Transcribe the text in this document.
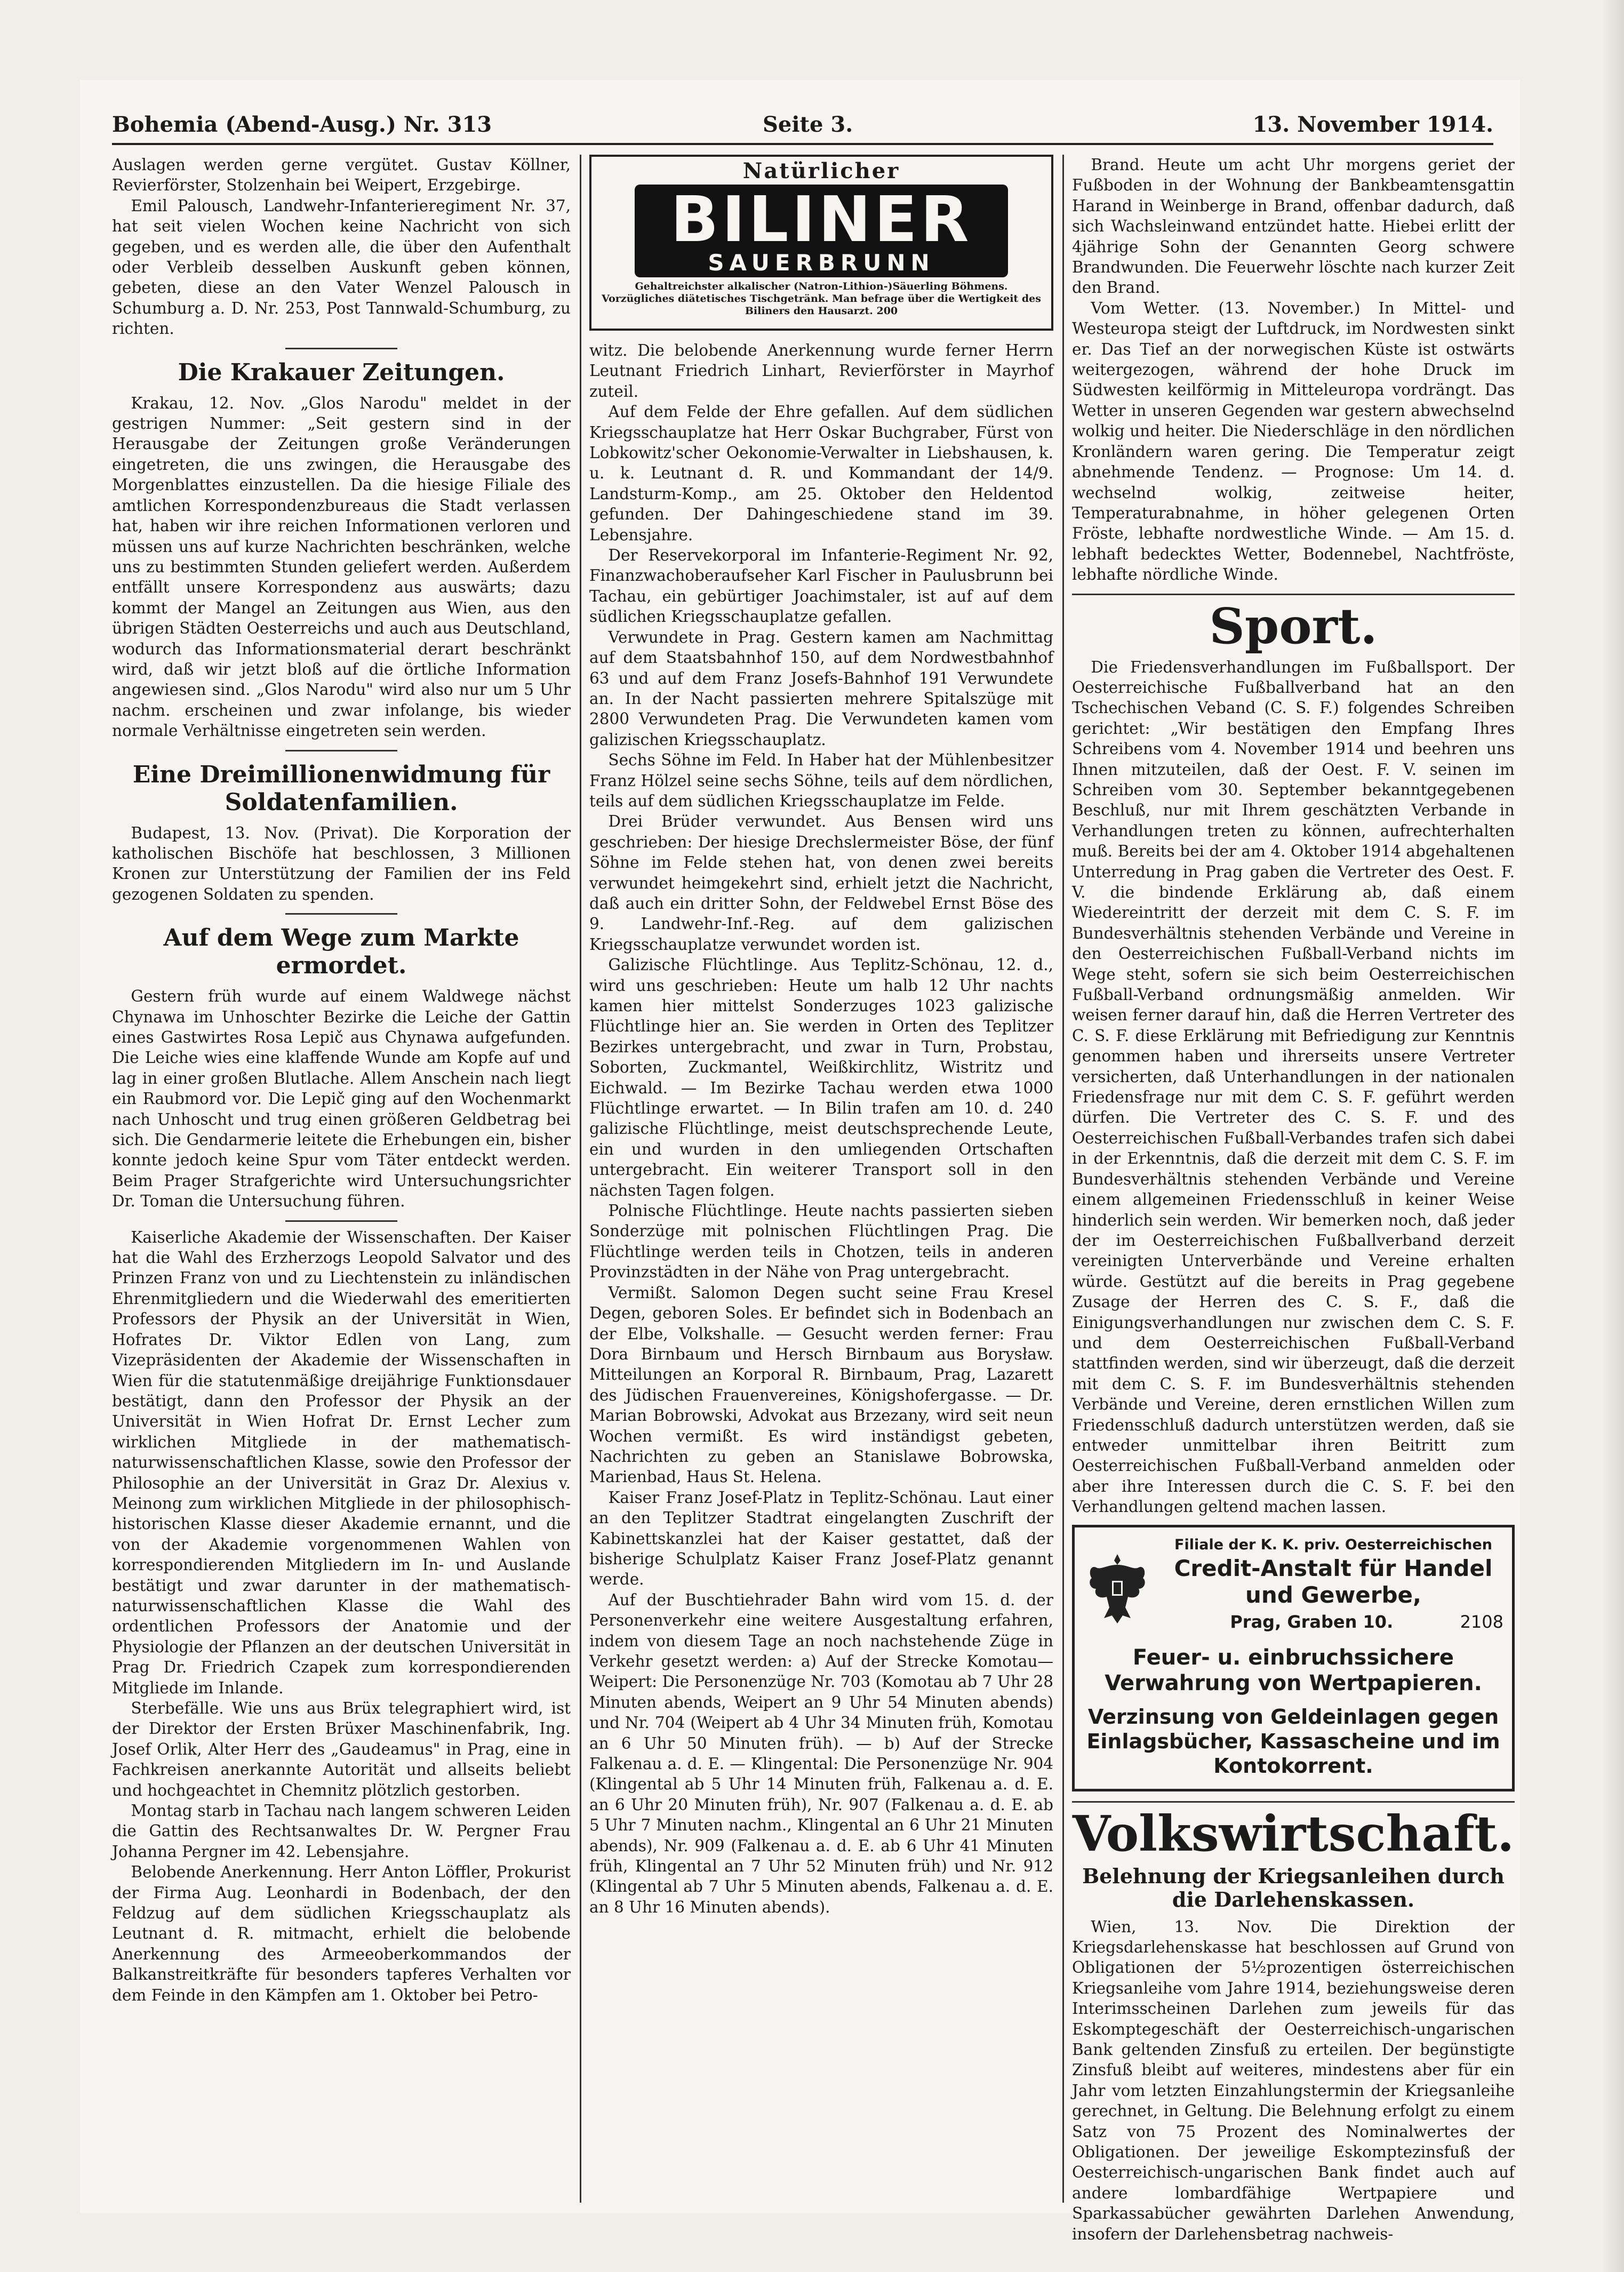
Bohemia (Abend-Ausg.) Nr. 313	Seite 3.	13. November 1914.

Auslagen werden gerne vergütet. Gustav Köllner, Revierförster, Stolzenhain bei Weipert, Erzgebirge.

Emil Palousch, Landwehr-Infanterieregiment Nr. 37, hat seit vielen Wochen keine Nachricht von sich gegeben, und es werden alle, die über den Aufenthalt oder Verbleib desselben Auskunft geben können, gebeten, diese an den Vater Wenzel Palousch in Schumburg a. D. Nr. 253, Post Tannwald-Schumburg, zu richten.

Die Krakauer Zeitungen.

Krakau, 12. Nov. „Glos Narodu" meldet in der gestrigen Nummer: „Seit gestern sind in der Herausgabe der Zeitungen große Veränderungen eingetreten, die uns zwingen, die Herausgabe des Morgenblattes einzustellen. Da die hiesige Filiale des amtlichen Korrespondenzbureaus die Stadt verlassen hat, haben wir ihre reichen Informationen verloren und müssen uns auf kurze Nachrichten beschränken, welche uns zu bestimmten Stunden geliefert werden. Außerdem entfällt unsere Korrespondenz aus auswärts; dazu kommt der Mangel an Zeitungen aus Wien, aus den übrigen Städten Oesterreichs und auch aus Deutschland, wodurch das Informationsmaterial derart beschränkt wird, daß wir jetzt bloß auf die örtliche Information angewiesen sind. „Glos Narodu" wird also nur um 5 Uhr nachm. erscheinen und zwar infolange, bis wieder normale Verhältnisse eingetreten sein werden.

Eine Dreimillionenwidmung für Soldatenfamilien.

Budapest, 13. Nov. (Privat). Die Korporation der katholischen Bischöfe hat beschlossen, 3 Millionen Kronen zur Unterstützung der Familien der ins Feld gezogenen Soldaten zu spenden.

Auf dem Wege zum Markte ermordet.

Gestern früh wurde auf einem Waldwege nächst Chynawa im Unhoschter Bezirke die Leiche der Gattin eines Gastwirtes Rosa Lepič aus Chynawa aufgefunden. Die Leiche wies eine klaffende Wunde am Kopfe auf und lag in einer großen Blutlache. Allem Anschein nach liegt ein Raubmord vor. Die Lepič ging auf den Wochenmarkt nach Unhoscht und trug einen größeren Geldbetrag bei sich. Die Gendarmerie leitete die Erhebungen ein, bisher konnte jedoch keine Spur vom Täter entdeckt werden. Beim Prager Strafgerichte wird Untersuchungsrichter Dr. Toman die Untersuchung führen.

Kaiserliche Akademie der Wissenschaften. Der Kaiser hat die Wahl des Erzherzogs Leopold Salvator und des Prinzen Franz von und zu Liechtenstein zu inländischen Ehrenmitgliedern und die Wiederwahl des emeritierten Professors der Physik an der Universität in Wien, Hofrates Dr. Viktor Edlen von Lang, zum Vizepräsidenten der Akademie der Wissenschaften in Wien für die statutenmäßige dreijährige Funktionsdauer bestätigt, dann den Professor der Physik an der Universität in Wien Hofrat Dr. Ernst Lecher zum wirklichen Mitgliede in der mathematisch-naturwissenschaftlichen Klasse, sowie den Professor der Philosophie an der Universität in Graz Dr. Alexius v. Meinong zum wirklichen Mitgliede in der philosophisch-historischen Klasse dieser Akademie ernannt, und die von der Akademie vorgenommenen Wahlen von korrespondierenden Mitgliedern im In- und Auslande bestätigt und zwar darunter in der mathematisch-naturwissenschaftlichen Klasse die Wahl des ordentlichen Professors der Anatomie und der Physiologie der Pflanzen an der deutschen Universität in Prag Dr. Friedrich Czapek zum korrespondierenden Mitgliede im Inlande.

Sterbefälle. Wie uns aus Brüx telegraphiert wird, ist der Direktor der Ersten Brüxer Maschinenfabrik, Ing. Josef Orlik, Alter Herr des „Gaudeamus" in Prag, eine in Fachkreisen anerkannte Autorität und allseits beliebt und hochgeachtet in Chemnitz plötzlich gestorben.

Montag starb in Tachau nach langem schweren Leiden die Gattin des Rechtsanwaltes Dr. W. Pergner Frau Johanna Pergner im 42. Lebensjahre.

Belobende Anerkennung. Herr Anton Löffler, Prokurist der Firma Aug. Leonhardi in Bodenbach, der den Feldzug auf dem südlichen Kriegsschauplatz als Leutnant d. R. mitmacht, erhielt die belobende Anerkennung des Armeeoberkommandos der Balkanstreitkräfte für besonders tapferes Verhalten vor dem Feinde in den Kämpfen am 1. Oktober bei Petro-

Natürlicher
BILINER
SAUERBRUNN
Gehaltreichster alkalischer (Natron-Lithion-)Säuerling Böhmens. Vorzügliches diätetisches Tischgetränk. Man befrage über die Wertigkeit des Biliners den Hausarzt. 200

witz. Die belobende Anerkennung wurde ferner Herrn Leutnant Friedrich Linhart, Revierförster in Mayrhof zuteil.

Auf dem Felde der Ehre gefallen. Auf dem südlichen Kriegsschauplatze hat Herr Oskar Buchgraber, Fürst von Lobkowitz'scher Oekonomie-Verwalter in Liebshausen, k. u. k. Leutnant d. R. und Kommandant der 14/9. Landsturm-Komp., am 25. Oktober den Heldentod gefunden. Der Dahingeschiedene stand im 39. Lebensjahre.

Der Reservekorporal im Infanterie-Regiment Nr. 92, Finanzwachoberaufseher Karl Fischer in Paulusbrunn bei Tachau, ein gebürtiger Joachimstaler, ist auf auf dem südlichen Kriegsschauplatze gefallen.

Verwundete in Prag. Gestern kamen am Nachmittag auf dem Staatsbahnhof 150, auf dem Nordwestbahnhof 63 und auf dem Franz Josefs-Bahnhof 191 Verwundete an. In der Nacht passierten mehrere Spitalszüge mit 2800 Verwundeten Prag. Die Verwundeten kamen vom galizischen Kriegsschauplatz.

Sechs Söhne im Feld. In Haber hat der Mühlenbesitzer Franz Hölzel seine sechs Söhne, teils auf dem nördlichen, teils auf dem südlichen Kriegsschauplatze im Felde.

Drei Brüder verwundet. Aus Bensen wird uns geschrieben: Der hiesige Drechslermeister Böse, der fünf Söhne im Felde stehen hat, von denen zwei bereits verwundet heimgekehrt sind, erhielt jetzt die Nachricht, daß auch ein dritter Sohn, der Feldwebel Ernst Böse des 9. Landwehr-Inf.-Reg. auf dem galizischen Kriegsschauplatze verwundet worden ist.

Galizische Flüchtlinge. Aus Teplitz-Schönau, 12. d., wird uns geschrieben: Heute um halb 12 Uhr nachts kamen hier mittelst Sonderzuges 1023 galizische Flüchtlinge hier an. Sie werden in Orten des Teplitzer Bezirkes untergebracht, und zwar in Turn, Probstau, Soborten, Zuckmantel, Weißkirchlitz, Wistritz und Eichwald. — Im Bezirke Tachau werden etwa 1000 Flüchtlinge erwartet. — In Bilin trafen am 10. d. 240 galizische Flüchtlinge, meist deutschsprechende Leute, ein und wurden in den umliegenden Ortschaften untergebracht. Ein weiterer Transport soll in den nächsten Tagen folgen.

Polnische Flüchtlinge. Heute nachts passierten sieben Sonderzüge mit polnischen Flüchtlingen Prag. Die Flüchtlinge werden teils in Chotzen, teils in anderen Provinzstädten in der Nähe von Prag untergebracht.

Vermißt. Salomon Degen sucht seine Frau Kresel Degen, geboren Soles. Er befindet sich in Bodenbach an der Elbe, Volkshalle. — Gesucht werden ferner: Frau Dora Birnbaum und Hersch Birnbaum aus Borysław. Mitteilungen an Korporal R. Birnbaum, Prag, Lazarett des Jüdischen Frauenvereines, Königshofergasse. — Dr. Marian Bobrowski, Advokat aus Brzezany, wird seit neun Wochen vermißt. Es wird inständigst gebeten, Nachrichten zu geben an Stanislawe Bobrowska, Marienbad, Haus St. Helena.

Kaiser Franz Josef-Platz in Teplitz-Schönau. Laut einer an den Teplitzer Stadtrat eingelangten Zuschrift der Kabinettskanzlei hat der Kaiser gestattet, daß der bisherige Schulplatz Kaiser Franz Josef-Platz genannt werde.

Auf der Buschtiehrader Bahn wird vom 15. d. der Personenverkehr eine weitere Ausgestaltung erfahren, indem von diesem Tage an noch nachstehende Züge in Verkehr gesetzt werden: a) Auf der Strecke Komotau—Weipert: Die Personenzüge Nr. 703 (Komotau ab 7 Uhr 28 Minuten abends, Weipert an 9 Uhr 54 Minuten abends) und Nr. 704 (Weipert ab 4 Uhr 34 Minuten früh, Komotau an 6 Uhr 50 Minuten früh). — b) Auf der Strecke Falkenau a. d. E. — Klingental: Die Personenzüge Nr. 904 (Klingental ab 5 Uhr 14 Minuten früh, Falkenau a. d. E. an 6 Uhr 20 Minuten früh), Nr. 907 (Falkenau a. d. E. ab 5 Uhr 7 Minuten nachm., Klingental an 6 Uhr 21 Minuten abends), Nr. 909 (Falkenau a. d. E. ab 6 Uhr 41 Minuten früh, Klingental an 7 Uhr 52 Minuten früh) und Nr. 912 (Klingental ab 7 Uhr 5 Minuten abends, Falkenau a. d. E. an 8 Uhr 16 Minuten abends).

Brand. Heute um acht Uhr morgens geriet der Fußboden in der Wohnung der Bankbeamtensgattin Harand in Weinberge in Brand, offenbar dadurch, daß sich Wachsleinwand entzündet hatte. Hiebei erlitt der 4jährige Sohn der Genannten Georg schwere Brandwunden. Die Feuerwehr löschte nach kurzer Zeit den Brand.

Vom Wetter. (13. November.) In Mittel- und Westeuropa steigt der Luftdruck, im Nordwesten sinkt er. Das Tief an der norwegischen Küste ist ostwärts weitergezogen, während der hohe Druck im Südwesten keilförmig in Mitteleuropa vordrängt. Das Wetter in unseren Gegenden war gestern abwechselnd wolkig und heiter. Die Niederschläge in den nördlichen Kronländern waren gering. Die Temperatur zeigt abnehmende Tendenz. — Prognose: Um 14. d. wechselnd wolkig, zeitweise heiter, Temperaturabnahme, in höher gelegenen Orten Fröste, lebhafte nordwestliche Winde. — Am 15. d. lebhaft bedecktes Wetter, Bodennebel, Nachtfröste, lebhafte nördliche Winde.

Sport.

Die Friedensverhandlungen im Fußballsport. Der Oesterreichische Fußballverband hat an den Tschechischen Veband (C. S. F.) folgendes Schreiben gerichtet: „Wir bestätigen den Empfang Ihres Schreibens vom 4. November 1914 und beehren uns Ihnen mitzuteilen, daß der Oest. F. V. seinen im Schreiben vom 30. September bekanntgegebenen Beschluß, nur mit Ihrem geschätzten Verbande in Verhandlungen treten zu können, aufrechterhalten muß. Bereits bei der am 4. Oktober 1914 abgehaltenen Unterredung in Prag gaben die Vertreter des Oest. F. V. die bindende Erklärung ab, daß einem Wiedereintritt der derzeit mit dem C. S. F. im Bundesverhältnis stehenden Verbände und Vereine in den Oesterreichischen Fußball-Verband nichts im Wege steht, sofern sie sich beim Oesterreichischen Fußball-Verband ordnungsmäßig anmelden. Wir weisen ferner darauf hin, daß die Herren Vertreter des C. S. F. diese Erklärung mit Befriedigung zur Kenntnis genommen haben und ihrerseits unsere Vertreter versicherten, daß Unterhandlungen in der nationalen Friedensfrage nur mit dem C. S. F. geführt werden dürfen. Die Vertreter des C. S. F. und des Oesterreichischen Fußball-Verbandes trafen sich dabei in der Erkenntnis, daß die derzeit mit dem C. S. F. im Bundesverhältnis stehenden Verbände und Vereine einem allgemeinen Friedensschluß in keiner Weise hinderlich sein werden. Wir bemerken noch, daß jeder der im Oesterreichischen Fußballverband derzeit vereinigten Unterverbände und Vereine erhalten würde. Gestützt auf die bereits in Prag gegebene Zusage der Herren des C. S. F., daß die Einigungsverhandlungen nur zwischen dem C. S. F. und dem Oesterreichischen Fußball-Verband stattfinden werden, sind wir überzeugt, daß die derzeit mit dem C. S. F. im Bundesverhältnis stehenden Verbände und Vereine, deren ernstlichen Willen zum Friedensschluß dadurch unterstützen werden, daß sie entweder unmittelbar ihren Beitritt zum Oesterreichischen Fußball-Verband anmelden oder aber ihre Interessen durch die C. S. F. bei den Verhandlungen geltend machen lassen.

Filiale der K. K. priv. Oesterreichischen
Credit-Anstalt für Handel und Gewerbe,
Prag, Graben 10.	2108
Feuer- u. einbruchssichere Verwahrung von Wertpapieren.
Verzinsung von Geldeinlagen gegen Einlagsbücher, Kassascheine und im Kontokorrent.
Volkswirtschaft.
Belehnung der Kriegsanleihen durch die Darlehenskassen.

Wien, 13. Nov. Die Direktion der Kriegsdarlehenskasse hat beschlossen auf Grund von Obligationen der 5½prozentigen österreichischen Kriegsanleihe vom Jahre 1914, beziehungsweise deren Interimsscheinen Darlehen zum jeweils für das Eskomptegeschäft der Oesterreichisch-ungarischen Bank geltenden Zinsfuß zu erteilen. Der begünstigte Zinsfuß bleibt auf weiteres, mindestens aber für ein Jahr vom letzten Einzahlungstermin der Kriegsanleihe gerechnet, in Geltung. Die Belehnung erfolgt zu einem Satz von 75 Prozent des Nominalwertes der Obligationen. Der jeweilige Eskomptezinsfuß der Oesterreichisch-ungarischen Bank findet auch auf andere lombardfähige Wertpapiere und Sparkassabücher gewährten Darlehen Anwendung, insofern der Darlehensbetrag nachweis-
